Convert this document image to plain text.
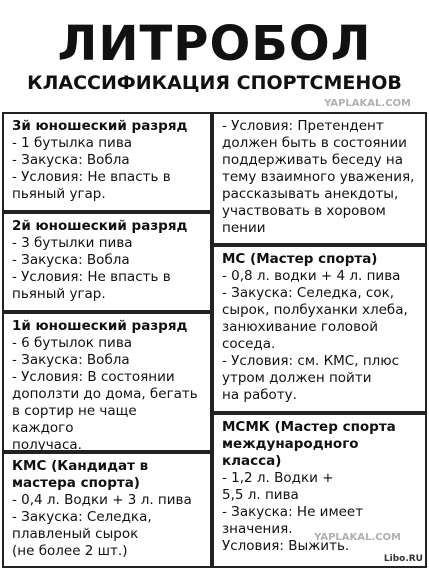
ЛИТРОБОЛ
КЛАССИФИКАЦИЯ СПОРТСМЕНОВ
YAPLAKAL.COM
3й юношеский разряд
- 1 бутылка пива
- Закуска: Вобла
- Условия: Не впасть в
пьяный угар.
2й юношеский разряд
- 3 бутылки пива
- Закуска: Вобла
- Условия: Не впасть в
пьяный угар.
1й юношеский разряд
- 6 бутылок пива
- Закуска: Вобла
- Условия: В состоянии
доползти до дома, бегать
в сортир не чаще каждого
получаса.
КМС (Кандидат в
мастера спорта)
- 0,4 л. Водки + 3 л. пива
- Закуска: Селедка,
плавленый сырок
(не более 2 шт.)
- Условия: Претендент
должен быть в состоянии
поддерживать беседу на
тему взаимного уважения,
рассказывать анекдоты,
участвовать в хоровом
пении
МС (Мастер спорта)
- 0,8 л. водки + 4 л. пива
- Закуска: Селедка, сок,
сырок, полбуханки хлеба,
занюхивание головой
соседа.
- Условия: см. КМС, плюс
утром должен пойти
на работу.
МСМК (Мастер спорта
международного
класса)
- 1,2 л. Водки +
5,5 л. пива
- Закуска: Не имеет
значения.
Условия: Выжить.
YAPLAKAL.COM
Libo.RU
